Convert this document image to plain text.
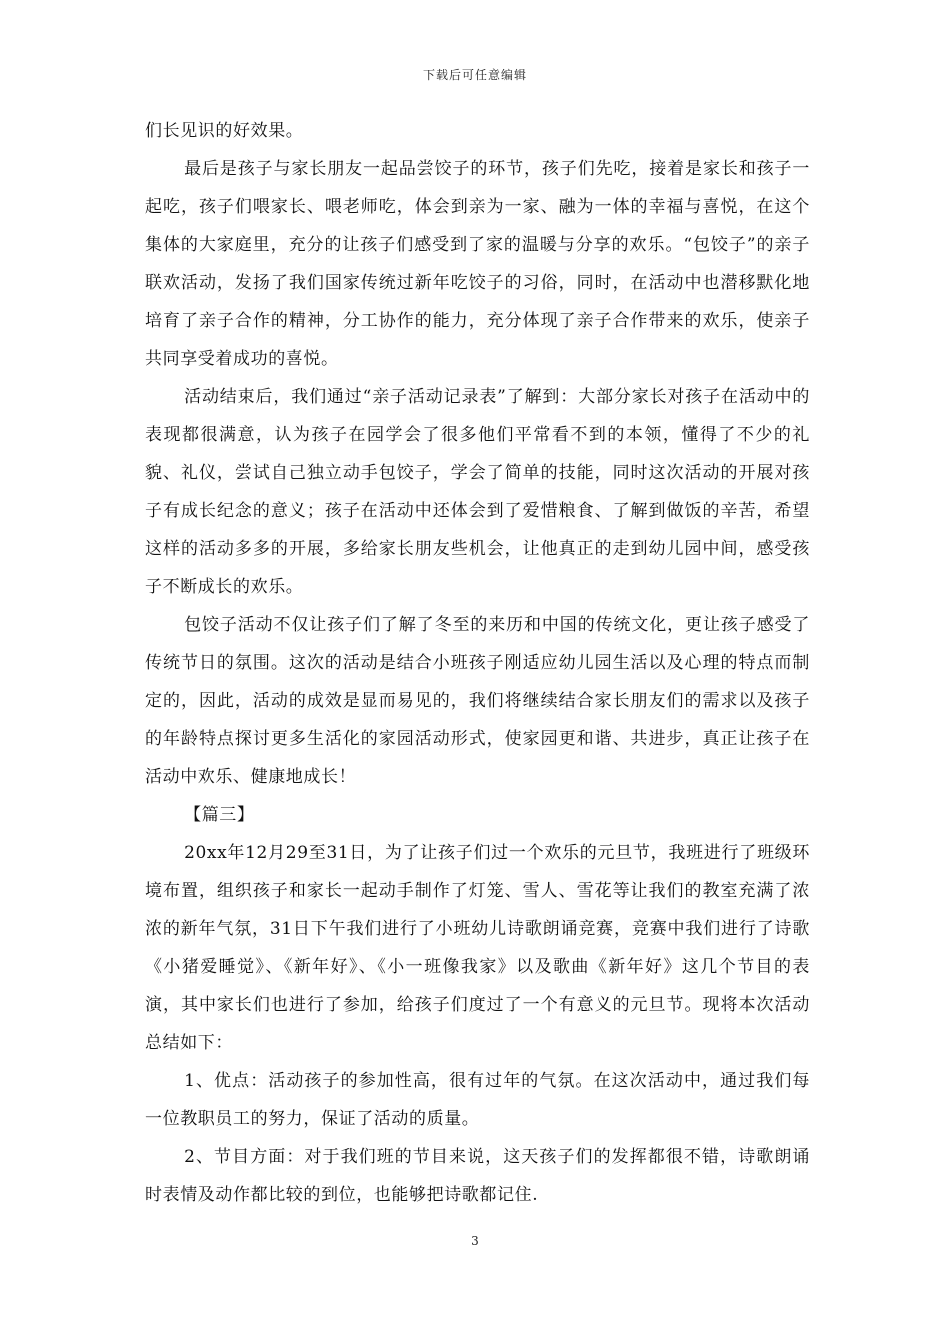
下载后可任意编辑

们长见识的好效果。

最后是孩子与家长朋友一起品尝饺子的环节，孩子们先吃，接着是家长和孩子一起吃，孩子们喂家长、喂老师吃，体会到亲为一家、融为一体的幸福与喜悦，在这个集体的大家庭里，充分的让孩子们感受到了家的温暖与分享的欢乐。“包饺子”的亲子联欢活动，发扬了我们国家传统过新年吃饺子的习俗，同时，在活动中也潜移默化地培育了亲子合作的精神，分工协作的能力，充分体现了亲子合作带来的欢乐，使亲子共同享受着成功的喜悦。

活动结束后，我们通过“亲子活动记录表”了解到：大部分家长对孩子在活动中的表现都很满意，认为孩子在园学会了很多他们平常看不到的本领，懂得了不少的礼貌、礼仪，尝试自己独立动手包饺子，学会了简单的技能，同时这次活动的开展对孩子有成长纪念的意义；孩子在活动中还体会到了爱惜粮食、了解到做饭的辛苦，希望这样的活动多多的开展，多给家长朋友些机会，让他真正的走到幼儿园中间，感受孩子不断成长的欢乐。

包饺子活动不仅让孩子们了解了冬至的来历和中国的传统文化，更让孩子感受了传统节日的氛围。这次的活动是结合小班孩子刚适应幼儿园生活以及心理的特点而制定的，因此，活动的成效是显而易见的，我们将继续结合家长朋友们的需求以及孩子的年龄特点探讨更多生活化的家园活动形式，使家园更和谐、共进步，真正让孩子在活动中欢乐、健康地成长！

【篇三】

20xx年12月29至31日，为了让孩子们过一个欢乐的元旦节，我班进行了班级环境布置，组织孩子和家长一起动手制作了灯笼、雪人、雪花等让我们的教室充满了浓浓的新年气氛，31日下午我们进行了小班幼儿诗歌朗诵竞赛，竞赛中我们进行了诗歌《小猪爱睡觉》、《新年好》、《小一班像我家》以及歌曲《新年好》这几个节目的表演，其中家长们也进行了参加，给孩子们度过了一个有意义的元旦节。现将本次活动总结如下：

1、优点：活动孩子的参加性高，很有过年的气氛。在这次活动中，通过我们每一位教职员工的努力，保证了活动的质量。

2、节目方面：对于我们班的节目来说，这天孩子们的发挥都很不错，诗歌朗诵时表情及动作都比较的到位，也能够把诗歌都记住.

3
